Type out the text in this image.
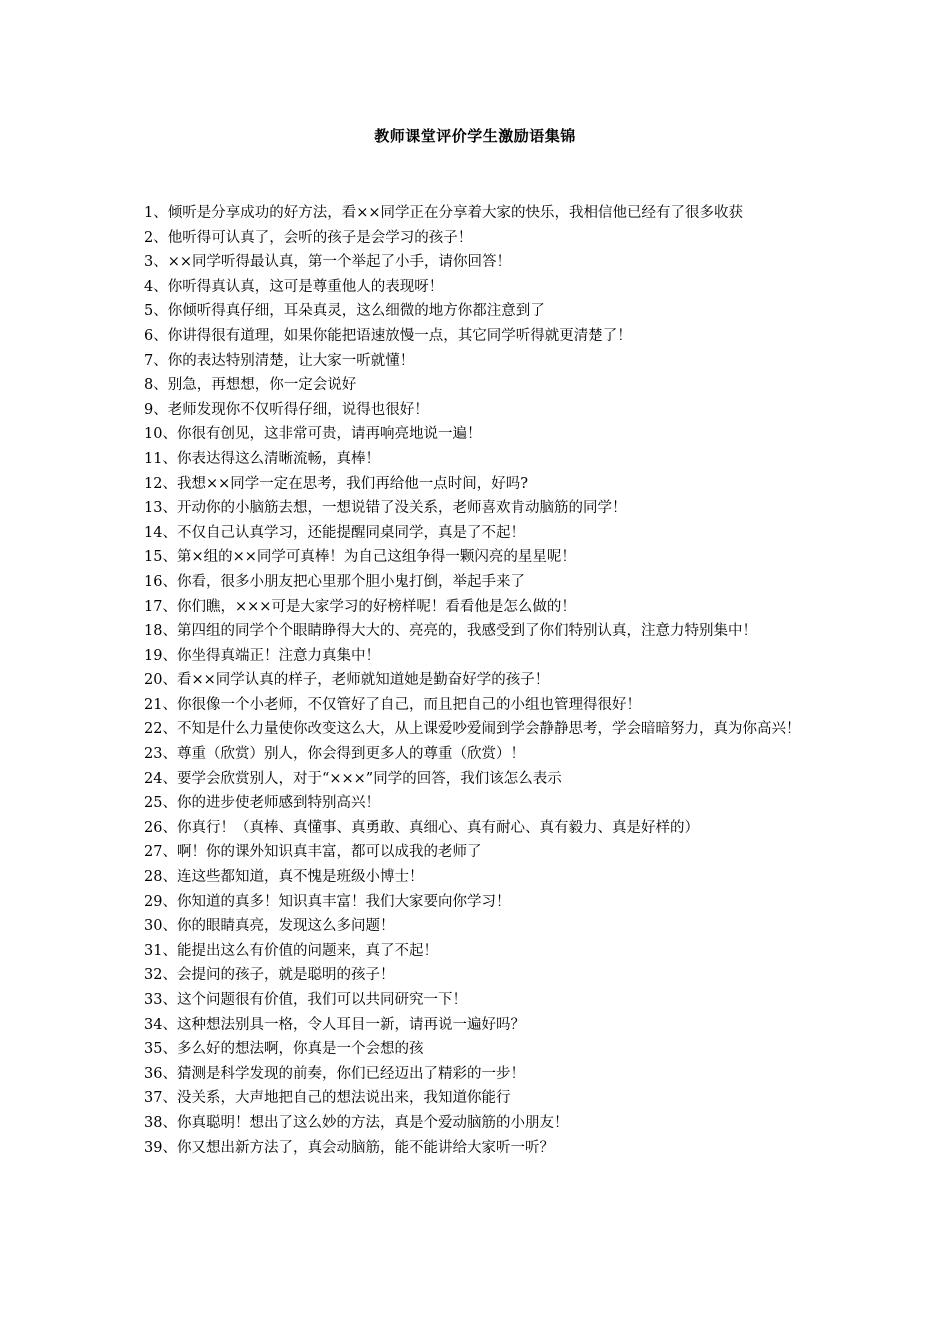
教师课堂评价学生激励语集锦
1、倾听是分享成功的好方法，看××同学正在分享着大家的快乐，我相信他已经有了很多收获
2、他听得可认真了，会听的孩子是会学习的孩子！
3、××同学听得最认真，第一个举起了小手，请你回答！
4、你听得真认真，这可是尊重他人的表现呀！
5、你倾听得真仔细，耳朵真灵，这么细微的地方你都注意到了
6、你讲得很有道理，如果你能把语速放慢一点，其它同学听得就更清楚了！
7、你的表达特别清楚，让大家一听就懂！
8、别急，再想想，你一定会说好
9、老师发现你不仅听得仔细，说得也很好！
10、你很有创见，这非常可贵，请再响亮地说一遍！
11、你表达得这么清晰流畅，真棒！
12、我想××同学一定在思考，我们再给他一点时间，好吗?
13、开动你的小脑筋去想，一想说错了没关系，老师喜欢肯动脑筋的同学！
14、不仅自己认真学习，还能提醒同桌同学，真是了不起！
15、第×组的××同学可真棒！为自己这组争得一颗闪亮的星星呢！
16、你看，很多小朋友把心里那个胆小鬼打倒，举起手来了
17、你们瞧，×××可是大家学习的好榜样呢！看看他是怎么做的！
18、第四组的同学个个眼睛睁得大大的、亮亮的，我感受到了你们特别认真，注意力特别集中！
19、你坐得真端正！注意力真集中！
20、看××同学认真的样子，老师就知道她是勤奋好学的孩子！
21、你很像一个小老师，不仅管好了自己，而且把自己的小组也管理得很好！
22、不知是什么力量使你改变这么大，从上课爱吵爱闹到学会静静思考，学会暗暗努力，真为你高兴！
23、尊重（欣赏）别人，你会得到更多人的尊重（欣赏）！
24、要学会欣赏别人，对于“×××”同学的回答，我们该怎么表示
25、你的进步使老师感到特别高兴！
26、你真行！（真棒、真懂事、真勇敢、真细心、真有耐心、真有毅力、真是好样的）
27、啊！你的课外知识真丰富，都可以成我的老师了
28、连这些都知道，真不愧是班级小博士！
29、你知道的真多！知识真丰富！我们大家要向你学习！
30、你的眼睛真亮，发现这么多问题！
31、能提出这么有价值的问题来，真了不起！
32、会提问的孩子，就是聪明的孩子！
33、这个问题很有价值，我们可以共同研究一下！
34、这种想法别具一格，令人耳目一新，请再说一遍好吗？
35、多么好的想法啊，你真是一个会想的孩
36、猜测是科学发现的前奏，你们已经迈出了精彩的一步！
37、没关系，大声地把自己的想法说出来，我知道你能行
38、你真聪明！想出了这么妙的方法，真是个爱动脑筋的小朋友！
39、你又想出新方法了，真会动脑筋，能不能讲给大家听一听？
